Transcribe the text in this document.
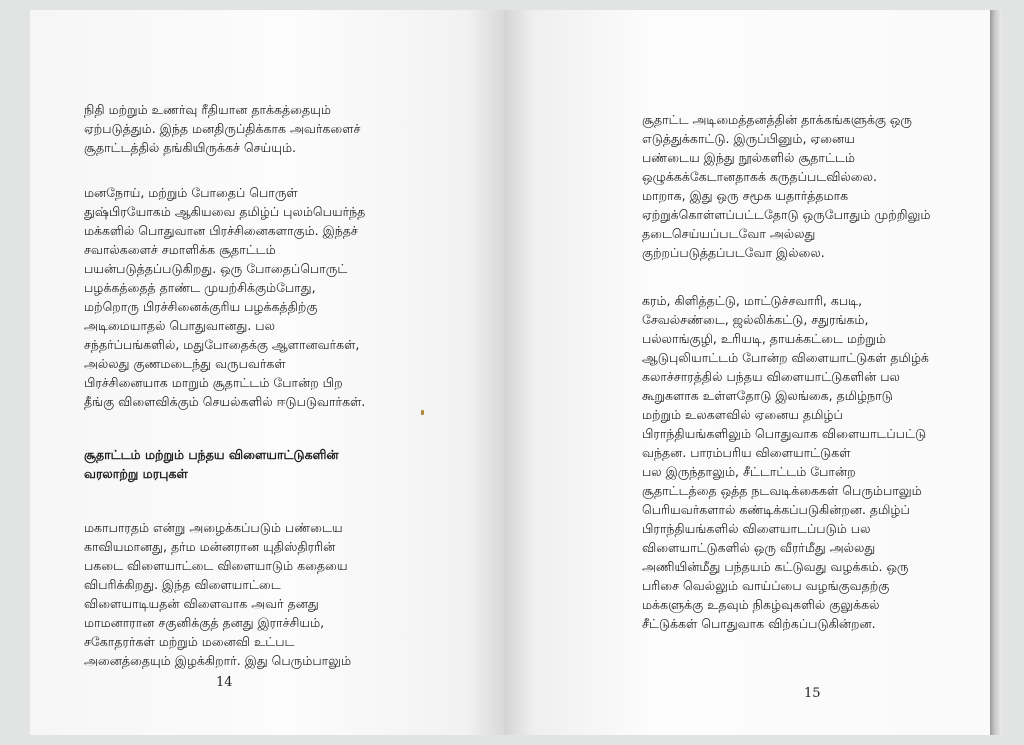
நிதி மற்றும் உணர்வு ரீதியான தாக்கத்தையும்
ஏற்படுத்தும். இந்த மனதிருப்திக்காக அவர்களைச்
சூதாட்டத்தில் தங்கியிருக்கச் செய்யும்.
மனநோய், மற்றும் போதைப் பொருள்
துஷ்பிரயோகம் ஆகியவை தமிழ்ப் புலம்பெயர்ந்த
மக்களில் பொதுவான பிரச்சினைகளாகும். இந்தச்
சவால்களைச் சமாளிக்க சூதாட்டம்
பயன்படுத்தப்படுகிறது. ஒரு போதைப்பொருட்
பழக்கத்தைத் தாண்ட முயற்சிக்கும்போது,
மற்றொரு பிரச்சினைக்குரிய பழக்கத்திற்கு
அடிமையாதல் பொதுவானது. பல
சந்தர்ப்பங்களில், மதுபோதைக்கு ஆளானவர்கள்,
அல்லது குணமடைந்து வருபவர்கள்
பிரச்சினையாக மாறும் சூதாட்டம் போன்ற பிற
தீங்கு விளைவிக்கும் செயல்களில் ஈடுபடுவார்கள்.
சூதாட்டம் மற்றும் பந்தய விளையாட்டுகளின்
வரலாற்று மரபுகள்
மகாபாரதம் என்று அழைக்கப்படும் பண்டைய
காவியமானது, தர்ம மன்னரான யுதிஸ்திரரின்
பகடை விளையாட்டை விளையாடும் கதையை
விபரிக்கிறது. இந்த விளையாட்டை
விளையாடியதன் விளைவாக அவர் தனது
மாமனாரான சகுனிக்குத் தனது இராச்சியம்,
சகோதரர்கள் மற்றும் மனைவி உட்பட
அனைத்தையும் இழக்கிறார். இது பெரும்பாலும்
14
சூதாட்ட அடிமைத்தனத்தின் தாக்கங்களுக்கு ஒரு
எடுத்துக்காட்டு. இருப்பினும், ஏனைய
பண்டைய இந்து நூல்களில் சூதாட்டம்
ஒழுக்கக்கேடானதாகக் கருதப்படவில்லை.
மாறாக, இது ஒரு சமூக யதார்த்தமாக
ஏற்றுக்கொள்ளப்பட்டதோடு ஒருபோதும் முற்றிலும்
தடைசெய்யப்படவோ அல்லது
குற்றப்படுத்தப்படவோ இல்லை.
கரம், கிளித்தட்டு, மாட்டுச்சவாரி, கபடி,
சேவல்சண்டை, ஜல்லிக்கட்டு, சதுரங்கம்,
பல்லாங்குழி, உரியடி, தாயக்கட்டை மற்றும்
ஆடுபுலியாட்டம் போன்ற விளையாட்டுகள் தமிழ்க்
கலாச்சாரத்தில் பந்தய விளையாட்டுகளின் பல
கூறுகளாக உள்ளதோடு இலங்கை, தமிழ்நாடு
மற்றும் உலகளவில் ஏனைய தமிழ்ப்
பிராந்தியங்களிலும் பொதுவாக விளையாடப்பட்டு
வந்தன. பாரம்பரிய விளையாட்டுகள்
பல இருந்தாலும், சீட்டாட்டம் போன்ற
சூதாட்டத்தை ஒத்த நடவடிக்கைகள் பெரும்பாலும்
பெரியவர்களால் கண்டிக்கப்படுகின்றன. தமிழ்ப்
பிராந்தியங்களில் விளையாடப்படும் பல
விளையாட்டுகளில் ஒரு வீரர்மீது அல்லது
அணியின்மீது பந்தயம் கட்டுவது வழக்கம். ஒரு
பரிசை வெல்லும் வாய்ப்பை வழங்குவதற்கு
மக்களுக்கு உதவும் நிகழ்வுகளில் குலுக்கல்
சீட்டுக்கள் பொதுவாக விற்கப்படுகின்றன.
15
